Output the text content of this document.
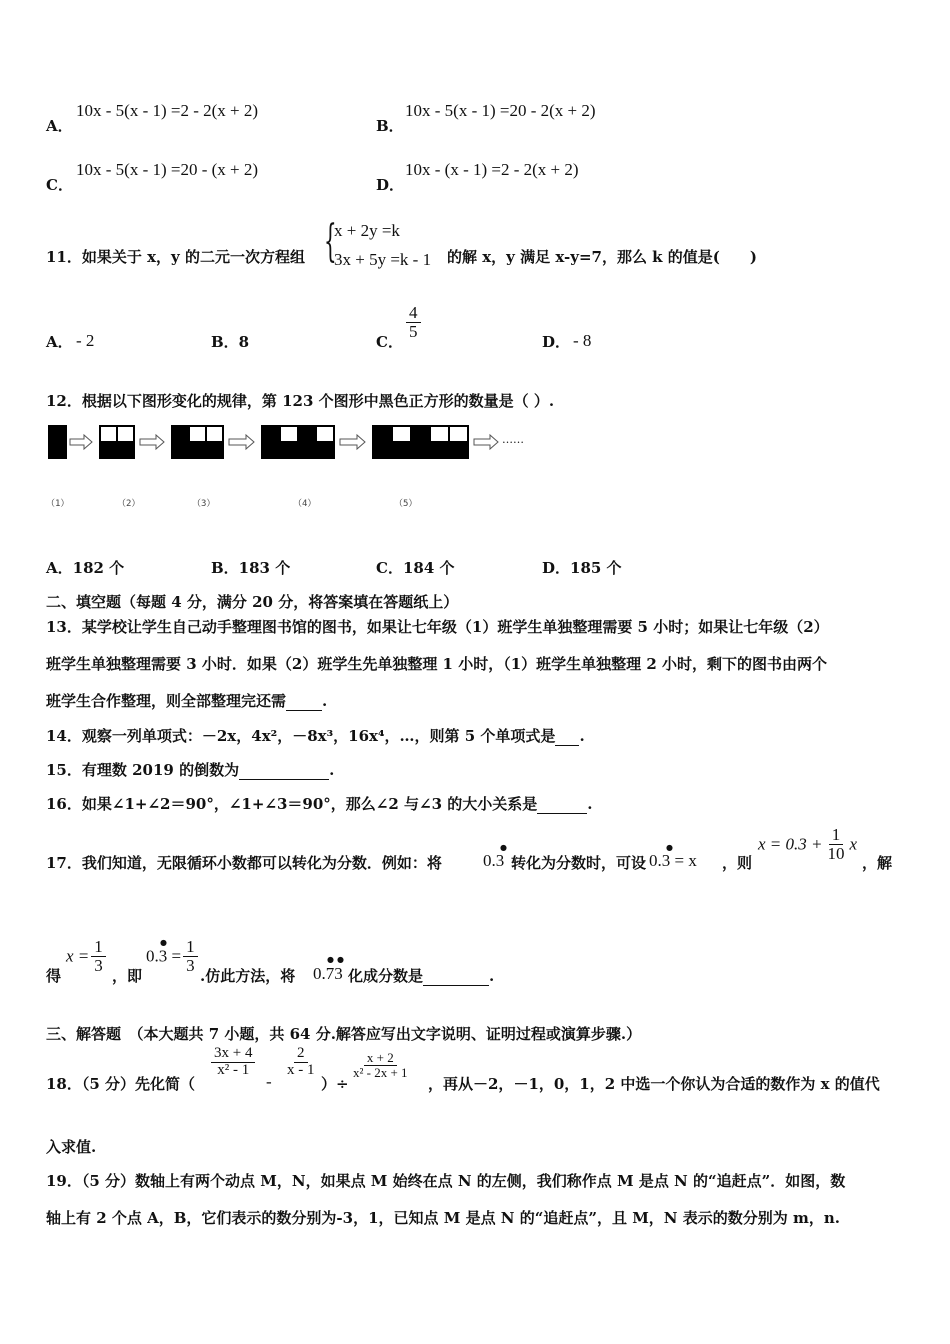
A．
10x - 5(x - 1) =2 - 2(x + 2)
B．
10x - 5(x - 1) =20 - 2(x + 2)
C．
10x - 5(x - 1) =20 - (x + 2)
D．
10x - (x - 1) =2 - 2(x + 2)
11．如果关于 x，y 的二元一次方程组 {
x + 2y =k
3x + 5y =k - 1 的解 x，y 满足 x-y=7，那么 k 的值是(　　)
A． - 2	B．8	C．
$\frac{4}{5}$
D． - 8
12．根据以下图形变化的规律，第 123 个图形中黑色正方形的数量是（ ）.
……
（1）	（2）	（3）	（4）	（5）
A．182 个	B．183 个	C．184 个	D．185 个
二、填空题（每题 4 分，满分 20 分，将答案填在答题纸上）
13．某学校让学生自己动手整理图书馆的图书，如果让七年级（1）班学生单独整理需要 5 小时；如果让七年级（2）
班学生单独整理需要 3 小时．如果（2）班学生先单独整理 1 小时，（1）班学生单独整理 2 小时，剩下的图书由两个
班学生合作整理，则全部整理完还需 .
14．观察一列单项式：－2x，4x²，－8x³，16x⁴，…，则第 5 个单项式是 .
15．有理数 2019 的倒数为	.
16．如果∠1+∠2＝90°，∠1+∠3＝90°，那么∠2 与∠3 的大小关系是	.
17．我们知道，无限循环小数都可以转化为分数．例如：将 0.3
●
转化为分数时，可设 0.3 = x
●
，则
$x = 0.3 + \frac{1}{10}$ x
，解
得
$x = \frac{1}{3}$
，即
$0.3 = \frac{1}{3}$
●
.仿此方法，将 0.73
●●
化成分数是	.
三、解答题　（本大题共 7 小题，共 64 分.解答应写出文字说明、证明过程或演算步骤.）
18．（5 分）先化简（
$\frac{3x + 4}{\text{x² - 1}}$
-
$\frac{2}{x - 1}$
）÷
$\frac{x + 2}{\text{x² - 2x + 1}}$
，再从－2，－1，0，1，2 中选一个你认为合适的数作为 x 的值代
入求值.
19．（5 分）数轴上有两个动点 M，N，如果点 M 始终在点 N 的左侧，我们称作点 M 是点 N 的“追赶点”．如图，数
轴上有 2 个点 A，B，它们表示的数分别为-3，1，已知点 M 是点 N 的“追赶点”，且 M，N 表示的数分别为 m，n.
